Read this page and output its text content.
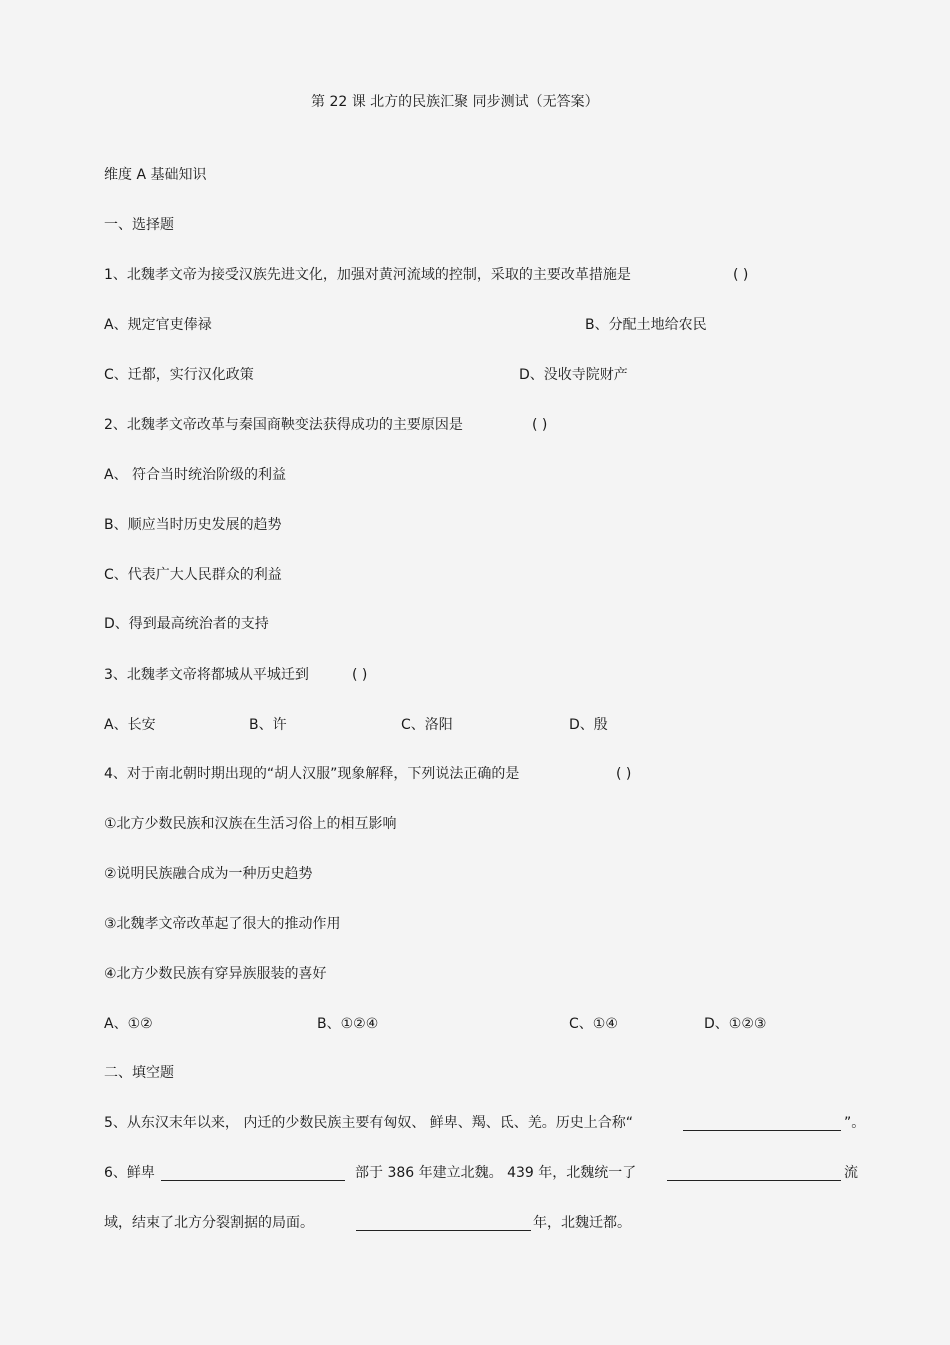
第 22 课 北方的民族汇聚 同步测试（无答案）
维度 A 基础知识
一、选择题
1、北魏孝文帝为接受汉族先进文化，加强对黄河流域的控制，采取的主要改革措施是	( )
A、规定官吏俸禄	B、分配土地给农民
C、迁都，实行汉化政策	D、没收寺院财产
2、北魏孝文帝改革与秦国商鞅变法获得成功的主要原因是	( )
A、 符合当时统治阶级的利益
B、顺应当时历史发展的趋势
C、代表广大人民群众的利益
D、得到最高统治者的支持
3、北魏孝文帝将都城从平城迁到	( )
A、长安	B、许	C、洛阳	D、殷
4、对于南北朝时期出现的“胡人汉服”现象解释，下列说法正确的是	( )
①北方少数民族和汉族在生活习俗上的相互影响
②说明民族融合成为一种历史趋势
③北魏孝文帝改革起了很大的推动作用
④北方少数民族有穿异族服装的喜好
A、①②	B、①②④	C、①④	D、①②③
二、填空题
5、从东汉末年以来， 内迁的少数民族主要有匈奴、 鲜卑、羯、氐、羌。历史上合称“	”。
6、鲜卑	部于 386 年建立北魏。 439 年，北魏统一了	流
域，结束了北方分裂割据的局面。	年，北魏迁都。
